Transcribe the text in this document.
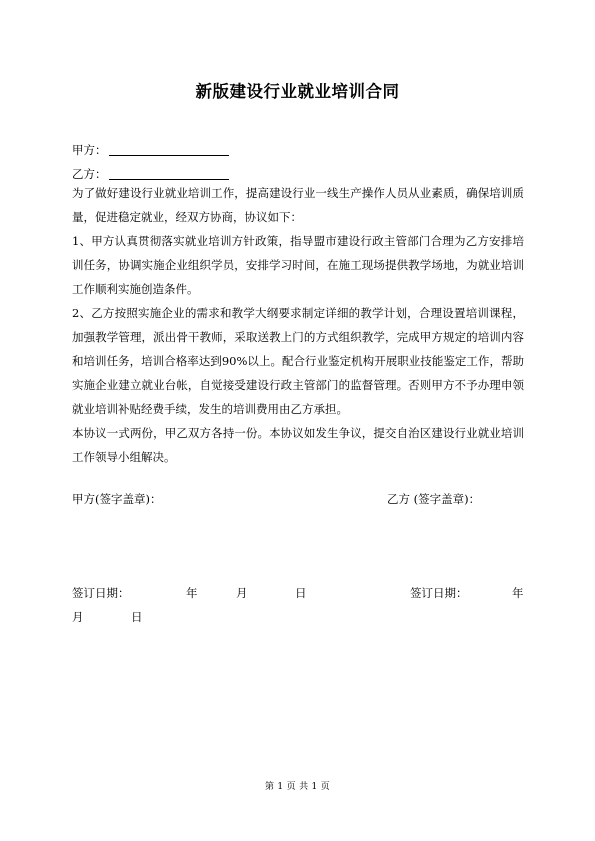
新版建设行业就业培训合同
甲方：
乙方：

为了做好建设行业就业培训工作，提高建设行业一线生产操作人员从业素质，确保培训质量，促进稳定就业，经双方协商，协议如下：

1、甲方认真贯彻落实就业培训方针政策，指导盟市建设行政主管部门合理为乙方安排培训任务，协调实施企业组织学员，安排学习时间，在施工现场提供教学场地，为就业培训工作顺利实施创造条件。

2、乙方按照实施企业的需求和教学大纲要求制定详细的教学计划，合理设置培训课程，加强教学管理，派出骨干教师，采取送教上门的方式组织教学，完成甲方规定的培训内容和培训任务，培训合格率达到90%以上。配合行业鉴定机构开展职业技能鉴定工作，帮助实施企业建立就业台帐，自觉接受建设行政主管部门的监督管理。否则甲方不予办理申领就业培训补贴经费手续，发生的培训费用由乙方承担。

本协议一式两份，甲乙双方各持一份。本协议如发生争议，提交自治区建设行业就业培训工作领导小组解决。

甲方(签字盖章)：	乙方 (签字盖章)：
签订日期：	年	月	日	签订日期：	年
月	日
第 1 页 共 1 页
